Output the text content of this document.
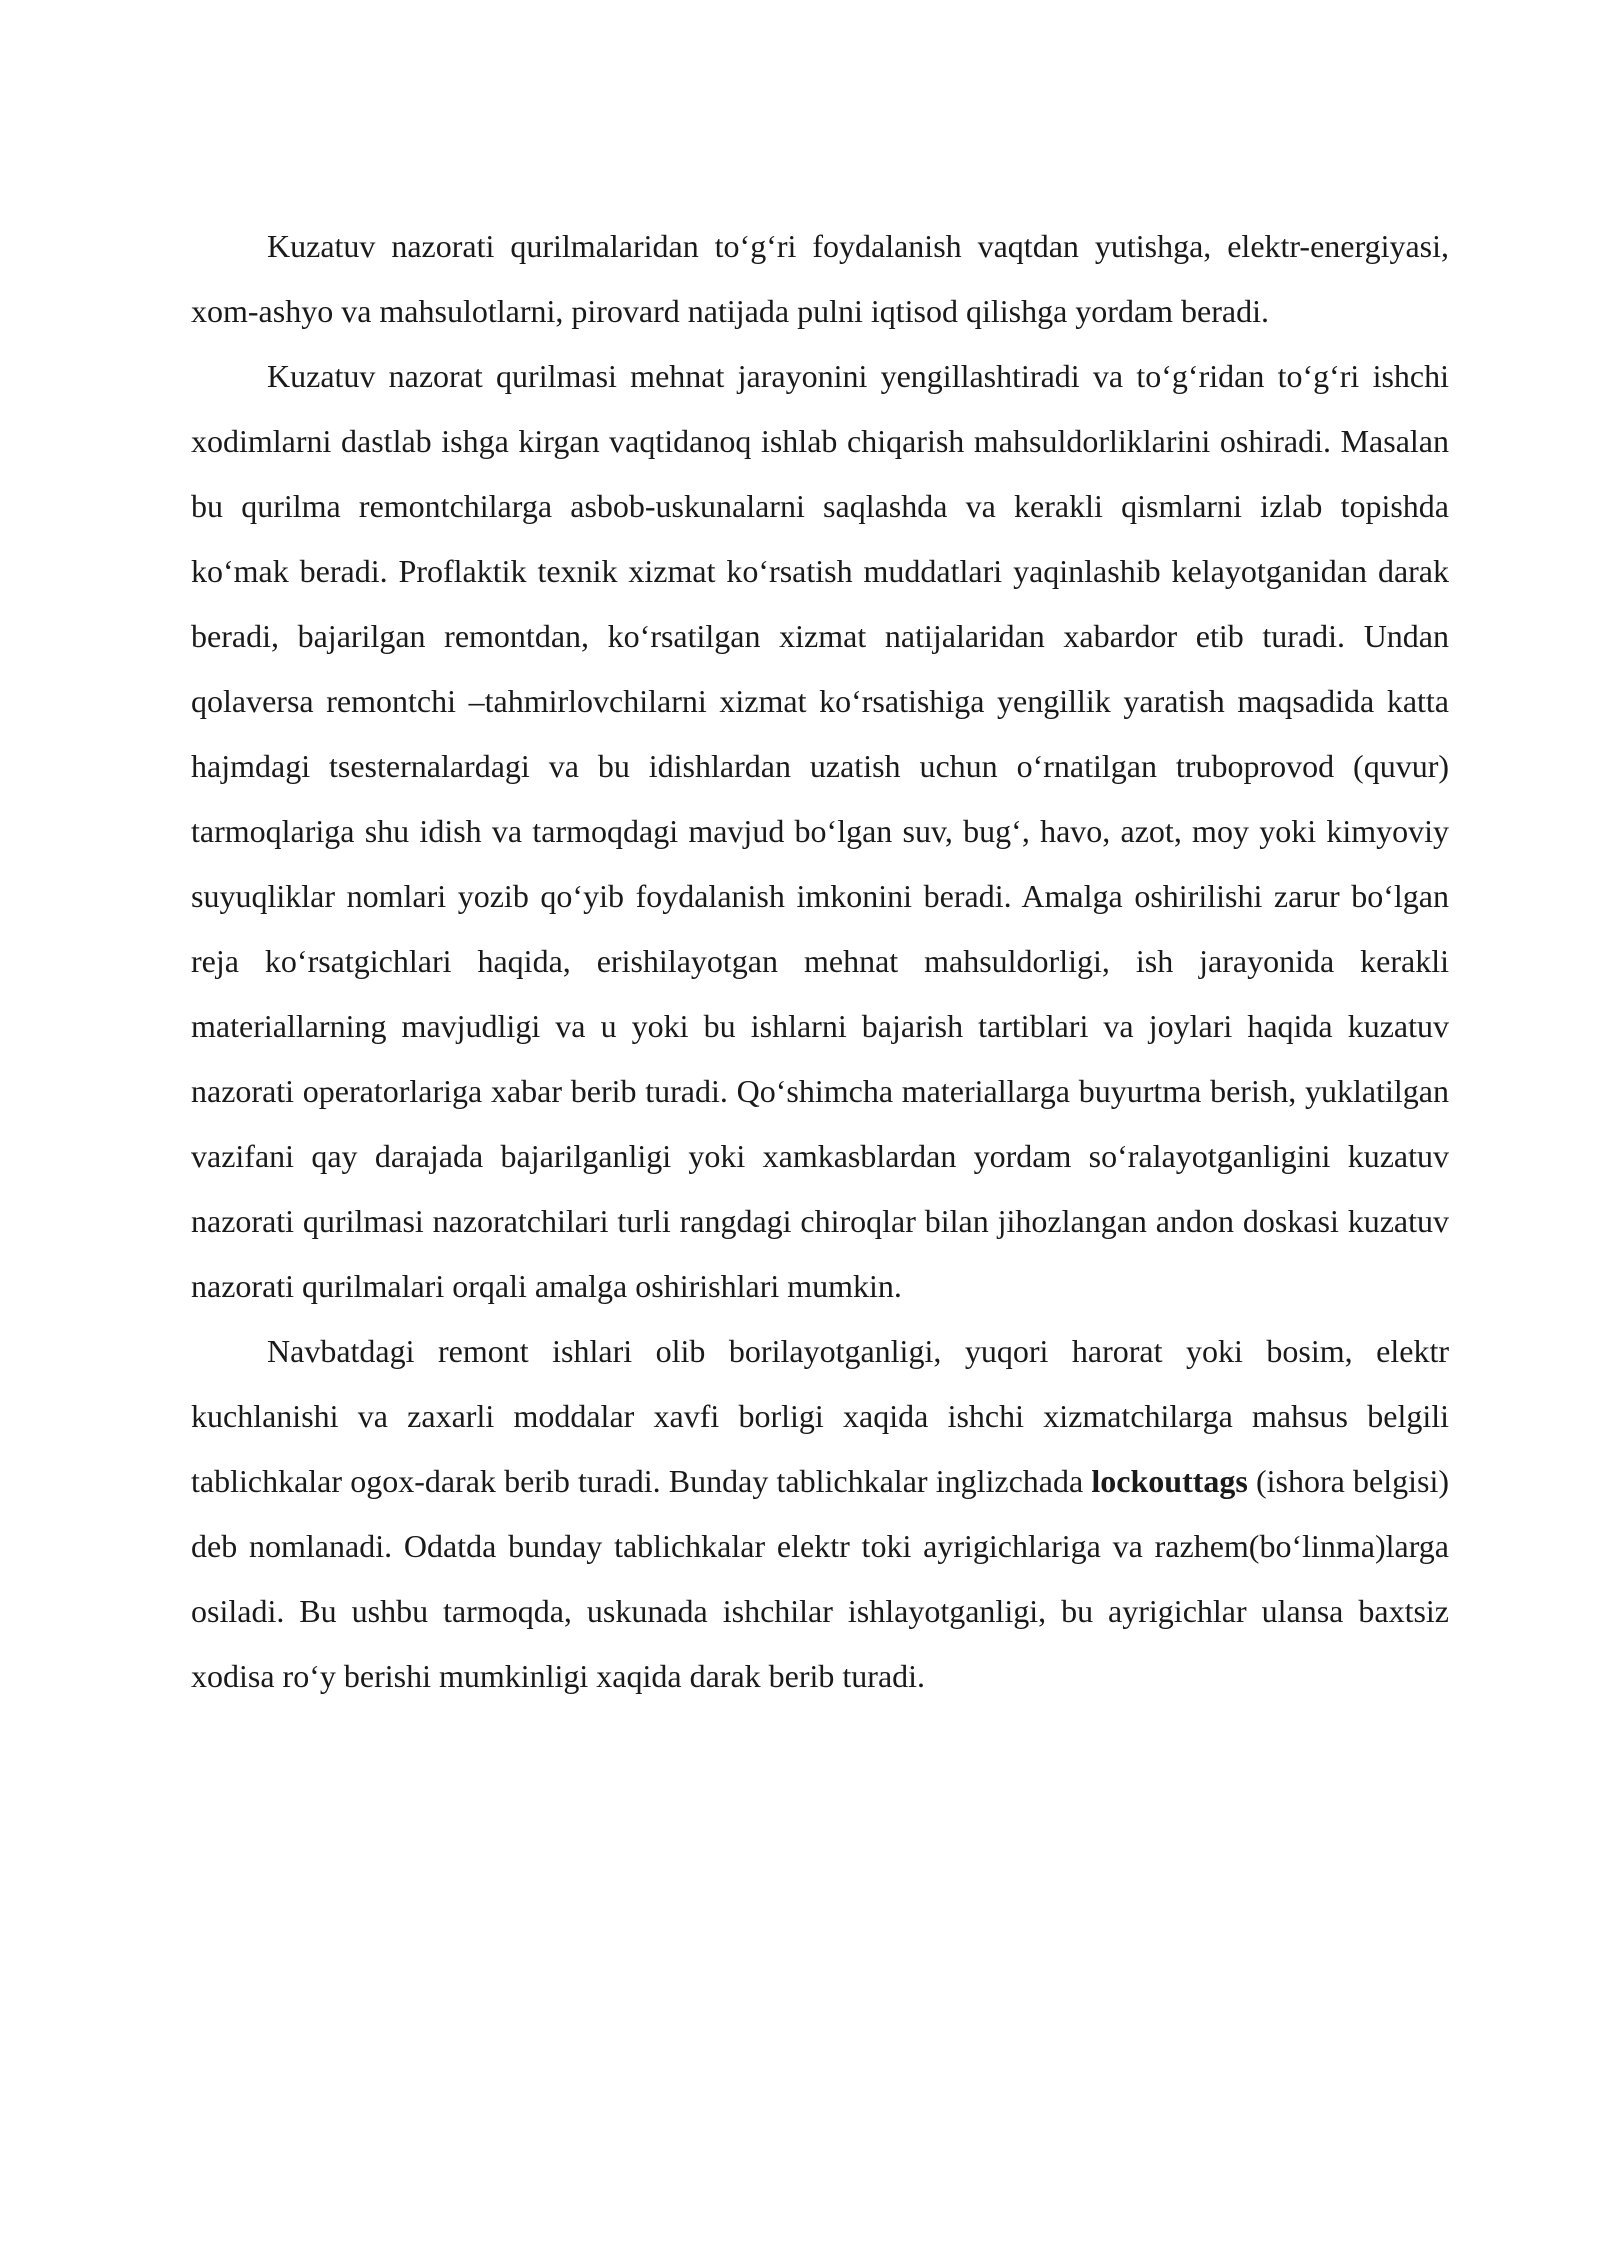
Kuzatuv nazorati qurilmalaridan to‘g‘ri foydalanish vaqtdan yutishga, elektr-energiyasi, xom-ashyo va mahsulotlarni, pirovard natijada pulni iqtisod qilishga yordam beradi.

Kuzatuv nazorat qurilmasi mehnat jarayonini yengillashtiradi va to‘g‘ridan to‘g‘ri ishchi xodimlarni dastlab ishga kirgan vaqtidanoq ishlab chiqarish mahsuldorliklarini oshiradi. Masalan bu qurilma remontchilarga asbob-uskunalarni saqlashda va kerakli qismlarni izlab topishda ko‘mak beradi. Proflaktik texnik xizmat ko‘rsatish muddatlari yaqinlashib kelayotganidan darak beradi, bajarilgan remontdan, ko‘rsatilgan xizmat natijalaridan xabardor etib turadi. Undan qolaversa remontchi –tahmirlovchilarni xizmat ko‘rsatishiga yengillik yaratish maqsadida katta hajmdagi tsesternalardagi va bu idishlardan uzatish uchun o‘rnatilgan truboprovod (quvur) tarmoqlariga shu idish va tarmoqdagi mavjud bo‘lgan suv, bug‘, havo, azot, moy yoki kimyoviy suyuqliklar nomlari yozib qo‘yib foydalanish imkonini beradi. Amalga oshirilishi zarur bo‘lgan reja ko‘rsatgichlari haqida, erishilayotgan mehnat mahsuldorligi, ish jarayonida kerakli materiallarning mavjudligi va u yoki bu ishlarni bajarish tartiblari va joylari haqida kuzatuv nazorati operatorlariga xabar berib turadi. Qo‘shimcha materiallarga buyurtma berish, yuklatilgan vazifani qay darajada bajarilganligi yoki xamkasblardan yordam so‘ralayotganligini kuzatuv nazorati qurilmasi nazoratchilari turli rangdagi chiroqlar bilan jihozlangan andon doskasi kuzatuv nazorati qurilmalari orqali amalga oshirishlari mumkin.

Navbatdagi remont ishlari olib borilayotganligi, yuqori harorat yoki bosim, elektr kuchlanishi va zaxarli moddalar xavfi borligi xaqida ishchi xizmatchilarga mahsus belgili tablichkalar ogox-darak berib turadi. Bunday tablichkalar inglizchada lockouttags (ishora belgisi) deb nomlanadi. Odatda bunday tablichkalar elektr toki ayrigichlariga va razhem(bo‘linma)larga osiladi. Bu ushbu tarmoqda, uskunada ishchilar ishlayotganligi, bu ayrigichlar ulansa baxtsiz xodisa ro‘y berishi mumkinligi xaqida darak berib turadi.
